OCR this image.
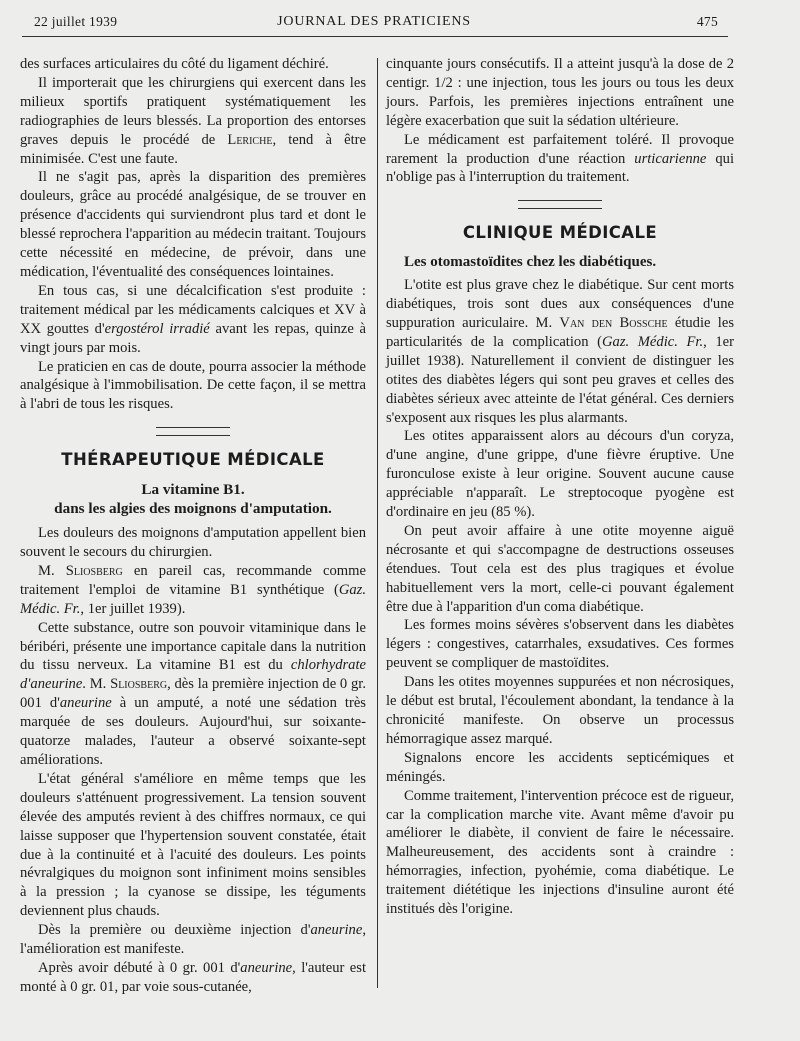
22 juillet 1939	JOURNAL DES PRATICIENS	475

des surfaces articulaires du côté du ligament déchiré.

Il importerait que les chirurgiens qui exercent dans les milieux sportifs pratiquent systématiquement les radiographies de leurs blessés. La proportion des entorses graves depuis le procédé de Leriche, tend à être minimisée. C'est une faute.

Il ne s'agit pas, après la disparition des premières douleurs, grâce au procédé analgésique, de se trouver en présence d'accidents qui surviendront plus tard et dont le blessé reprochera l'apparition au médecin traitant. Toujours cette nécessité en médecine, de prévoir, dans une médication, l'éventualité des conséquences lointaines.

En tous cas, si une décalcification s'est produite : traitement médical par les médicaments calciques et XV à XX gouttes d'ergostérol irradié avant les repas, quinze à vingt jours par mois.

Le praticien en cas de doute, pourra associer la méthode analgésique à l'immobilisation. De cette façon, il se mettra à l'abri de tous les risques.

THÉRAPEUTIQUE MÉDICALE
La vitamine B1.
dans les algies des moignons d'amputation.

Les douleurs des moignons d'amputation appellent bien souvent le secours du chirurgien.

M. Sliosberg en pareil cas, recommande comme traitement l'emploi de vitamine B1 synthétique (Gaz. Médic. Fr., 1er juillet 1939).

Cette substance, outre son pouvoir vitaminique dans le béribéri, présente une importance capitale dans la nutrition du tissu nerveux. La vitamine B1 est du chlorhydrate d'aneurine. M. Sliosberg, dès la première injection de 0 gr. 001 d'aneurine à un amputé, a noté une sédation très marquée de ses douleurs. Aujourd'hui, sur soixante-quatorze malades, l'auteur a observé soixante-sept améliorations.

L'état général s'améliore en même temps que les douleurs s'atténuent progressivement. La tension souvent élevée des amputés revient à des chiffres normaux, ce qui laisse supposer que l'hypertension souvent constatée, était due à la continuité et à l'acuité des douleurs. Les points névralgiques du moignon sont infiniment moins sensibles à la pression ; la cyanose se dissipe, les téguments deviennent plus chauds.

Dès la première ou deuxième injection d'aneurine, l'amélioration est manifeste.

Après avoir débuté à 0 gr. 001 d'aneurine, l'auteur est monté à 0 gr. 01, par voie sous-cutanée,

cinquante jours consécutifs. Il a atteint jusqu'à la dose de 2 centigr. 1/2 : une injection, tous les jours ou tous les deux jours. Parfois, les premières injections entraînent une légère exacerbation que suit la sédation ultérieure.

Le médicament est parfaitement toléré. Il provoque rarement la production d'une réaction urticarienne qui n'oblige pas à l'interruption du traitement.

CLINIQUE MÉDICALE
Les otomastoïdites chez les diabétiques.

L'otite est plus grave chez le diabétique. Sur cent morts diabétiques, trois sont dues aux conséquences d'une suppuration auriculaire. M. Van den Bossche étudie les particularités de la complication (Gaz. Médic. Fr., 1er juillet 1938). Naturellement il convient de distinguer les otites des diabètes légers qui sont peu graves et celles des diabètes sérieux avec atteinte de l'état général. Ces derniers s'exposent aux risques les plus alarmants.

Les otites apparaissent alors au décours d'un coryza, d'une angine, d'une grippe, d'une fièvre éruptive. Une furonculose existe à leur origine. Souvent aucune cause appréciable n'apparaît. Le streptocoque pyogène est d'ordinaire en jeu (85 %).

On peut avoir affaire à une otite moyenne aiguë nécrosante et qui s'accompagne de destructions osseuses étendues. Tout cela est des plus tragiques et évolue habituellement vers la mort, celle-ci pouvant également être due à l'apparition d'un coma diabétique.

Les formes moins sévères s'observent dans les diabètes légers : congestives, catarrhales, exsudatives. Ces formes peuvent se compliquer de mastoïdites.

Dans les otites moyennes suppurées et non nécrosiques, le début est brutal, l'écoulement abondant, la tendance à la chronicité manifeste. On observe un processus hémorragique assez marqué.

Signalons encore les accidents septicémiques et méningés.

Comme traitement, l'intervention précoce est de rigueur, car la complication marche vite. Avant même d'avoir pu améliorer le diabète, il convient de faire le nécessaire. Malheureusement, des accidents sont à craindre : hémorragies, infection, pyohémie, coma diabétique. Le traitement diététique les injections d'insuline auront été institués dès l'origine.
